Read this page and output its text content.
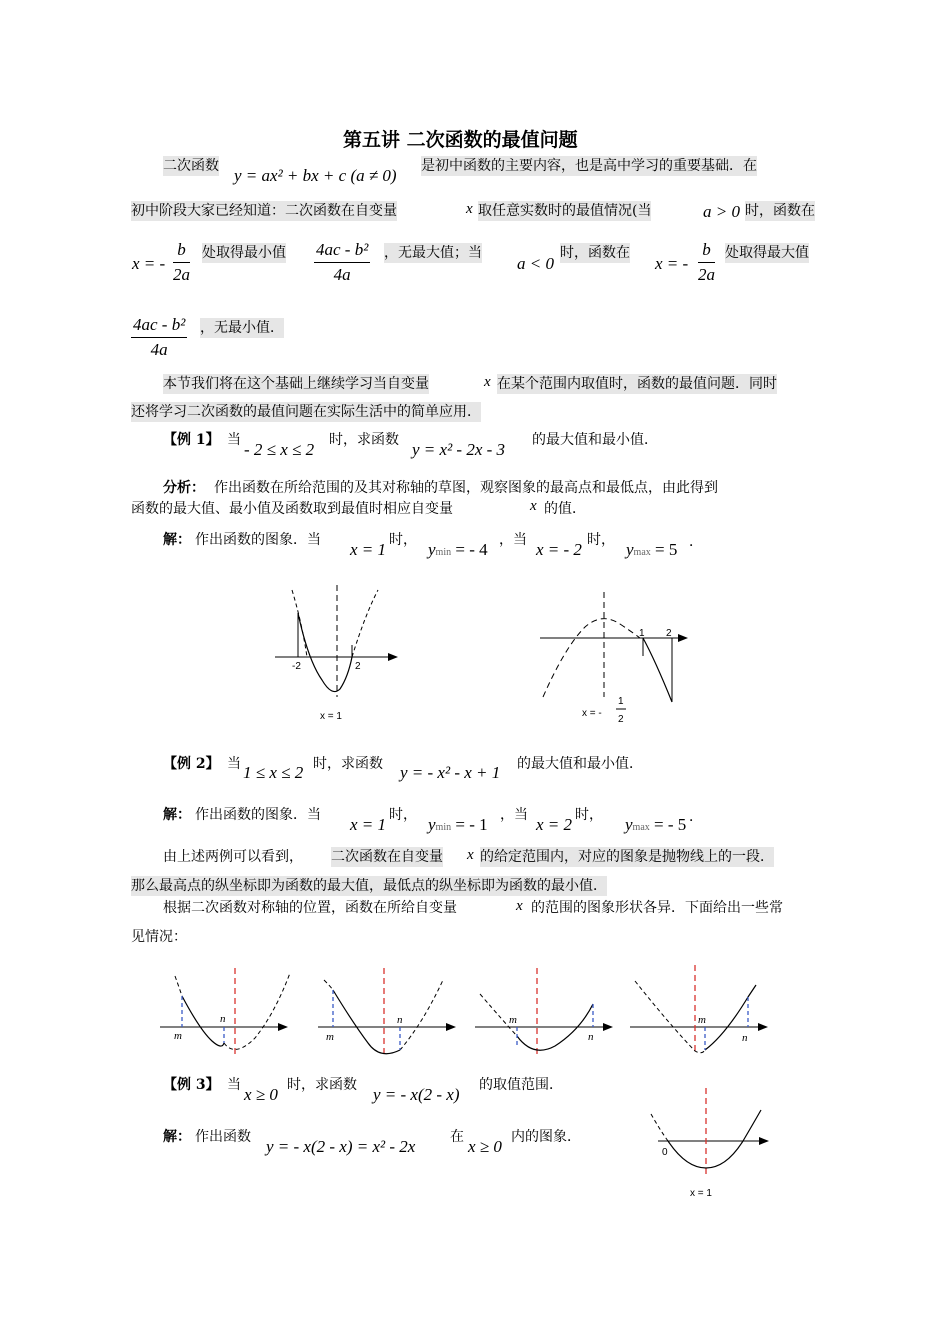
第五讲 二次函数的最值问题
二次函数 y = ax² + bx + c (a ≠ 0) 是初中函数的主要内容，也是高中学习的重要基础．在
初中阶段大家已经知道：二次函数在自变量	x 取任意实数时的最值情况(当	a > 0 时，函数在
x = - $\frac{b}{2a}$ 处取得最小值 $\frac{\text{4ac - b²}}{4a}$ ，无最大值；当
a < 0
时，函数在
x = - $\frac{b}{2a}$ 处取得最大值
$\frac{\text{4ac - b²}}{4a}$ ，无最小值．
本节我们将在这个基础上继续学习当自变量	x 在某个范围内取值时，函数的最值问题．同时
还将学习二次函数的最值问题在实际生活中的简单应用．
【例 1】 当 - 2 ≤ x ≤ 2 时，求函数 y = x² - 2x - 3 的最大值和最小值．
分析： 作出函数在所给范围的及其对称轴的草图，观察图象的最高点和最低点，由此得到
函数的最大值、最小值及函数取到最值时相应自变量	x 的值．
解： 作出函数的图象．当 x = 1 时， ymin = - 4 ，当 x = - 2 时， ymax = 5 ．
-2	2
x = 1
1 2
x = -
1
2
【例 2】 当 1 ≤ x ≤ 2 时，求函数 y = - x² - x + 1 的最大值和最小值．
解： 作出函数的图象．当 x = 1 时， ymin = - 1 ，当 x = 2 时， ymax = - 5 ．
由上述两例可以看到， 二次函数在自变量 x 的给定范围内，对应的图象是抛物线上的一段．
那么最高点的纵坐标即为函数的最大值，最低点的纵坐标即为函数的最小值．
根据二次函数对称轴的位置，函数在所给自变量	x 的范围的图象形状各异．下面给出一些常
见情况：
m
n
m
n	m
n
m
n
【例 3】 当 x ≥ 0 时，求函数 y = - x(2 - x) 的取值范围．
解： 作出函数 y = - x(2 - x) = x² - 2x 在 x ≥ 0 内的图象．
0
x = 1
